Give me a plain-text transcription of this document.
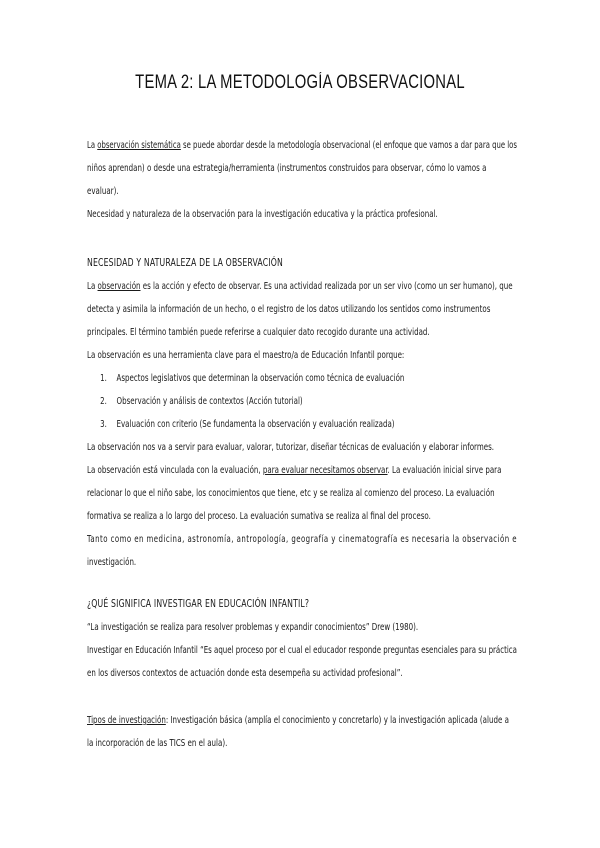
TEMA 2: LA METODOLOGÍA OBSERVACIONAL
La observación sistemática se puede abordar desde la metodología observacional (el enfoque que vamos a dar para que los
niños aprendan) o desde una estrategia/herramienta (instrumentos construidos para observar, cómo lo vamos a
evaluar).
Necesidad y naturaleza de la observación para la investigación educativa y la práctica profesional.
NECESIDAD Y NATURALEZA DE LA OBSERVACIÓN
La observación es la acción y efecto de observar. Es una actividad realizada por un ser vivo (como un ser humano), que
detecta y asimila la información de un hecho, o el registro de los datos utilizando los sentidos como instrumentos
principales. El término también puede referirse a cualquier dato recogido durante una actividad.
La observación es una herramienta clave para el maestro/a de Educación Infantil porque:
1. Aspectos legislativos que determinan la observación como técnica de evaluación
2. Observación y análisis de contextos (Acción tutorial)
3. Evaluación con criterio (Se fundamenta la observación y evaluación realizada)
La observación nos va a servir para evaluar, valorar, tutorizar, diseñar técnicas de evaluación y elaborar informes.
La observación está vinculada con la evaluación, para evaluar necesitamos observar. La evaluación inicial sirve para
relacionar lo que el niño sabe, los conocimientos que tiene, etc y se realiza al comienzo del proceso. La evaluación
formativa se realiza a lo largo del proceso. La evaluación sumativa se realiza al final del proceso.
Tanto como en medicina, astronomía, antropología, geografía y cinematografía es necesaria la observación e
investigación.
¿QUÉ SIGNIFICA INVESTIGAR EN EDUCACIÓN INFANTIL?
“La investigación se realiza para resolver problemas y expandir conocimientos” Drew (1980).
Investigar en Educación Infantil “Es aquel proceso por el cual el educador responde preguntas esenciales para su práctica
en los diversos contextos de actuación donde esta desempeña su actividad profesional”.
Tipos de investigación: Investigación básica (amplía el conocimiento y concretarlo) y la investigación aplicada (alude a
la incorporación de las TICS en el aula).
